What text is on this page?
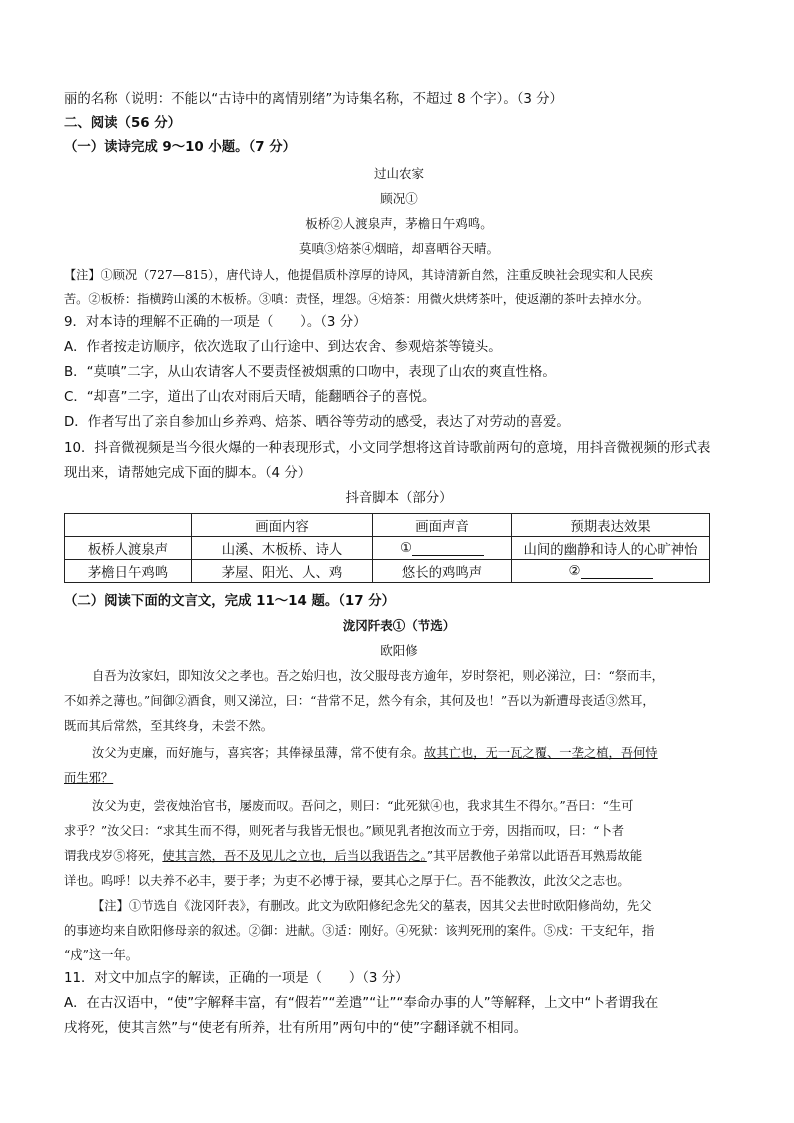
丽的名称（说明：不能以“古诗中的离情别绪”为诗集名称，不超过 8 个字）。（3 分）
二、阅读（56 分）
（一）读诗完成 9～10 小题。（7 分）
过山农家
顾况①
板桥②人渡泉声，茅檐日午鸡鸣。
莫嗔③焙茶④烟暗，却喜晒谷天晴。
【注】①顾况（727—815），唐代诗人，他提倡质朴淳厚的诗风，其诗清新自然，注重反映社会现实和人民疾
苦。②板桥：指横跨山溪的木板桥。③嗔：责怪，埋怨。④焙茶：用微火烘烤茶叶，使返潮的茶叶去掉水分。
9．对本诗的理解不正确的一项是（　　）。（3 分）
A．作者按走访顺序，依次选取了山行途中、到达农舍、参观焙茶等镜头。
B．“莫嗔”二字，从山农请客人不要责怪被烟熏的口吻中，表现了山农的爽直性格。
C．“却喜”二字，道出了山农对雨后天晴，能翻晒谷子的喜悦。
D．作者写出了亲自参加山乡养鸡、焙茶、晒谷等劳动的感受，表达了对劳动的喜爱。
10．抖音微视频是当今很火爆的一种表现形式，小文同学想将这首诗歌前两句的意境，用抖音微视频的形式表
现出来，请帮她完成下面的脚本。（4 分）
抖音脚本（部分）
	画面内容	画面声音	预期表达效果
板桥人渡泉声	山溪、木板桥、诗人	①	山间的幽静和诗人的心旷神怡
茅檐日午鸡鸣	茅屋、阳光、人、鸡	悠长的鸡鸣声	②
（二）阅读下面的文言文，完成 11～14 题。（17 分）
泷冈阡表①（节选）
欧阳修
自吾为汝家妇，即知汝父之孝也。吾之始归也，汝父服母丧方逾年，岁时祭祀，则必涕泣，曰：“祭而丰，
不如养之薄也。”间御②酒食，则又涕泣，曰：“昔常不足，然今有余，其何及也！”吾以为新遭母丧适③然耳，
既而其后常然，至其终身，未尝不然。
汝父为吏廉，而好施与，喜宾客；其俸禄虽薄，常不使有余。故其亡也，无一瓦之覆、一垄之植，吾何恃
而生邪？
汝父为吏，尝夜烛治官书，屡废而叹。吾问之，则曰：“此死狱④也，我求其生不得尔。”吾曰：“生可
求乎？”汝父曰：“求其生而不得，则死者与我皆无恨也。”顾见乳者抱汝而立于旁，因指而叹，曰：“卜者
谓我戌岁⑤将死，使其言然，吾不及见儿之立也，后当以我语告之。”其平居教他子弟常以此语吾耳熟焉故能
详也。呜呼！以夫养不必丰，要于孝；为吏不必博于禄，要其心之厚于仁。吾不能教汝，此汝父之志也。
【注】①节选自《泷冈阡表》，有删改。此文为欧阳修纪念先父的墓表，因其父去世时欧阳修尚幼，先父
的事迹均来自欧阳修母亲的叙述。②御：进献。③适：刚好。④死狱：该判死刑的案件。⑤戍：干支纪年，指
“戍”这一年。
11．对文中加点字的解读，正确的一项是（　　）（3 分）
A．在古汉语中，“使”字解释丰富，有“假若”“差遣”“让”“奉命办事的人”等解释，上文中“卜者谓我在
戌将死，使其言然”与“使老有所养，壮有所用”两句中的“使”字翻译就不相同。
